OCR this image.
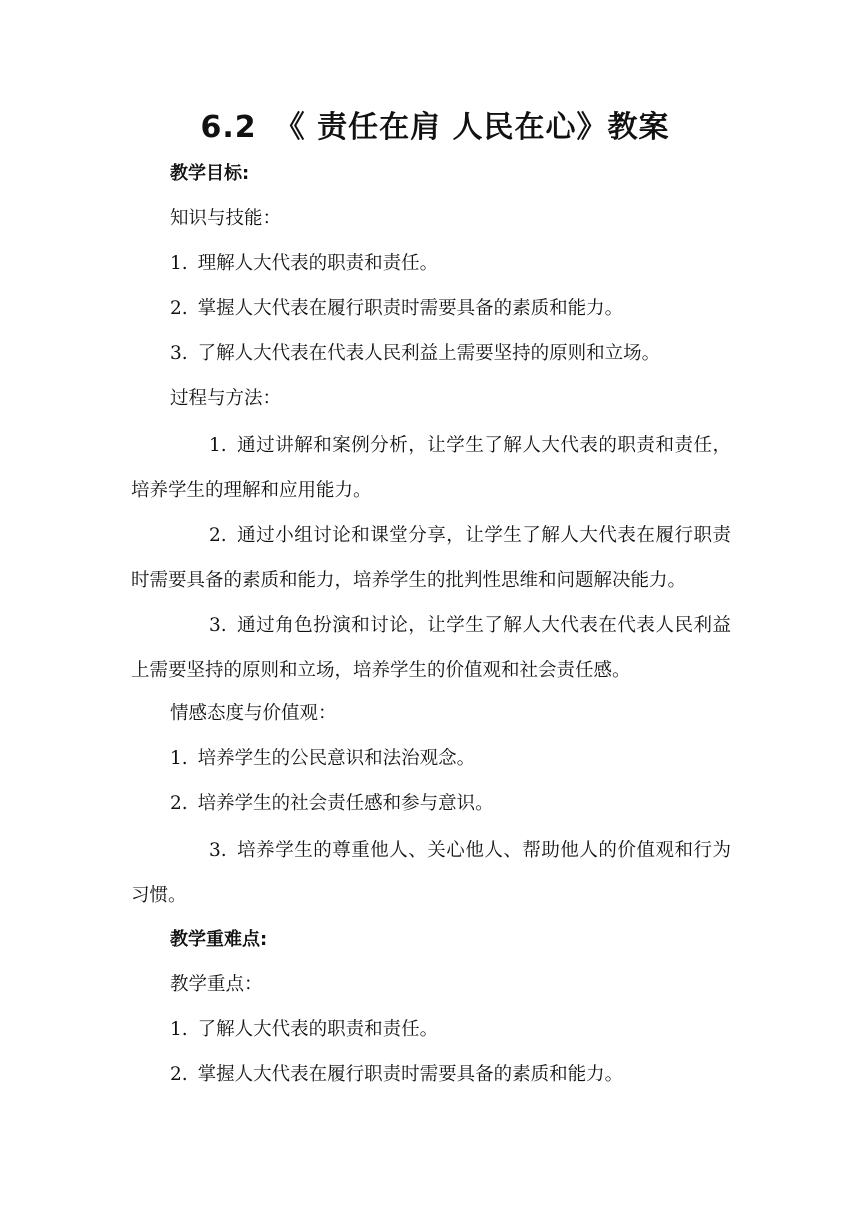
6.2 《 责任在肩 人民在心》教案
教学目标:
知识与技能：
1. 理解人大代表的职责和责任。
2. 掌握人大代表在履行职责时需要具备的素质和能力。
3. 了解人大代表在代表人民利益上需要坚持的原则和立场。
过程与方法：
1. 通过讲解和案例分析，让学生了解人大代表的职责和责任，培养学生的理解和应用能力。
2. 通过小组讨论和课堂分享，让学生了解人大代表在履行职责时需要具备的素质和能力，培养学生的批判性思维和问题解决能力。
3. 通过角色扮演和讨论，让学生了解人大代表在代表人民利益上需要坚持的原则和立场，培养学生的价值观和社会责任感。
情感态度与价值观：
1. 培养学生的公民意识和法治观念。
2. 培养学生的社会责任感和参与意识。
3. 培养学生的尊重他人、关心他人、帮助他人的价值观和行为习惯。
教学重难点:
教学重点：
1. 了解人大代表的职责和责任。
2. 掌握人大代表在履行职责时需要具备的素质和能力。
